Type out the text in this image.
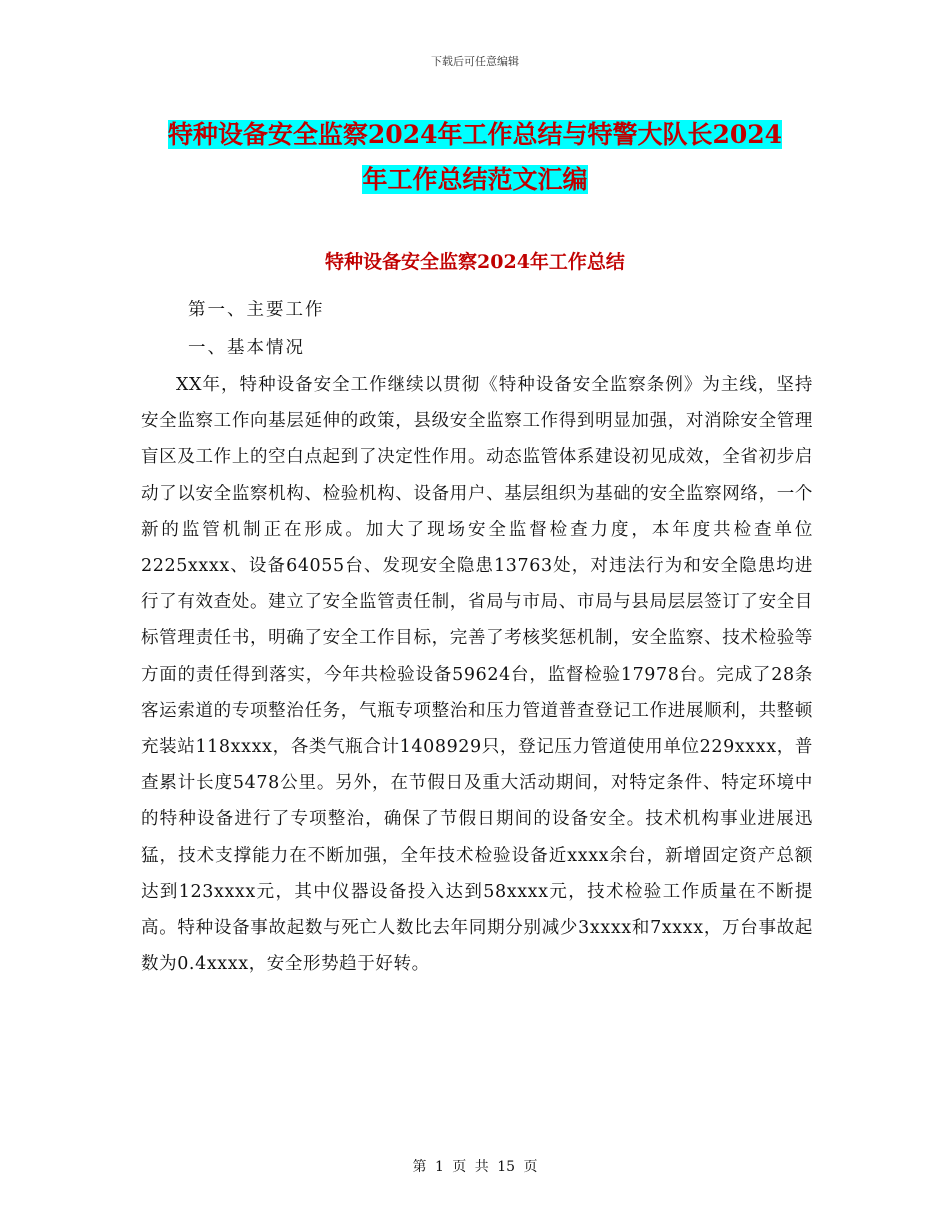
下载后可任意编辑
特种设备安全监察2024年工作总结与特警大队长2024
年工作总结范文汇编
特种设备安全监察2024年工作总结

第一、主要工作

一、基本情况

XX年，特种设备安全工作继续以贯彻《特种设备安全监察条例》为主线，坚持安全监察工作向基层延伸的政策，县级安全监察工作得到明显加强，对消除安全管理盲区及工作上的空白点起到了决定性作用。动态监管体系建设初见成效，全省初步启动了以安全监察机构、检验机构、设备用户、基层组织为基础的安全监察网络，一个新的监管机制正在形成。加大了现场安全监督检查力度，本年度共检查单位2225xxxx、设备64055台、发现安全隐患13763处，对违法行为和安全隐患均进行了有效查处。建立了安全监管责任制，省局与市局、市局与县局层层签订了安全目标管理责任书，明确了安全工作目标，完善了考核奖惩机制，安全监察、技术检验等方面的责任得到落实，今年共检验设备59624台，监督检验17978台。完成了28条客运索道的专项整治任务，气瓶专项整治和压力管道普查登记工作进展顺利，共整顿充装站118xxxx，各类气瓶合计1408929只，登记压力管道使用单位229xxxx，普查累计长度5478公里。另外，在节假日及重大活动期间，对特定条件、特定环境中的特种设备进行了专项整治，确保了节假日期间的设备安全。技术机构事业进展迅猛，技术支撑能力在不断加强，全年技术检验设备近xxxx余台，新增固定资产总额达到123xxxx元，其中仪器设备投入达到58xxxx元，技术检验工作质量在不断提高。特种设备事故起数与死亡人数比去年同期分别减少3xxxx和7xxxx，万台事故起数为0.4xxxx，安全形势趋于好转。

第 1 页 共 15 页
